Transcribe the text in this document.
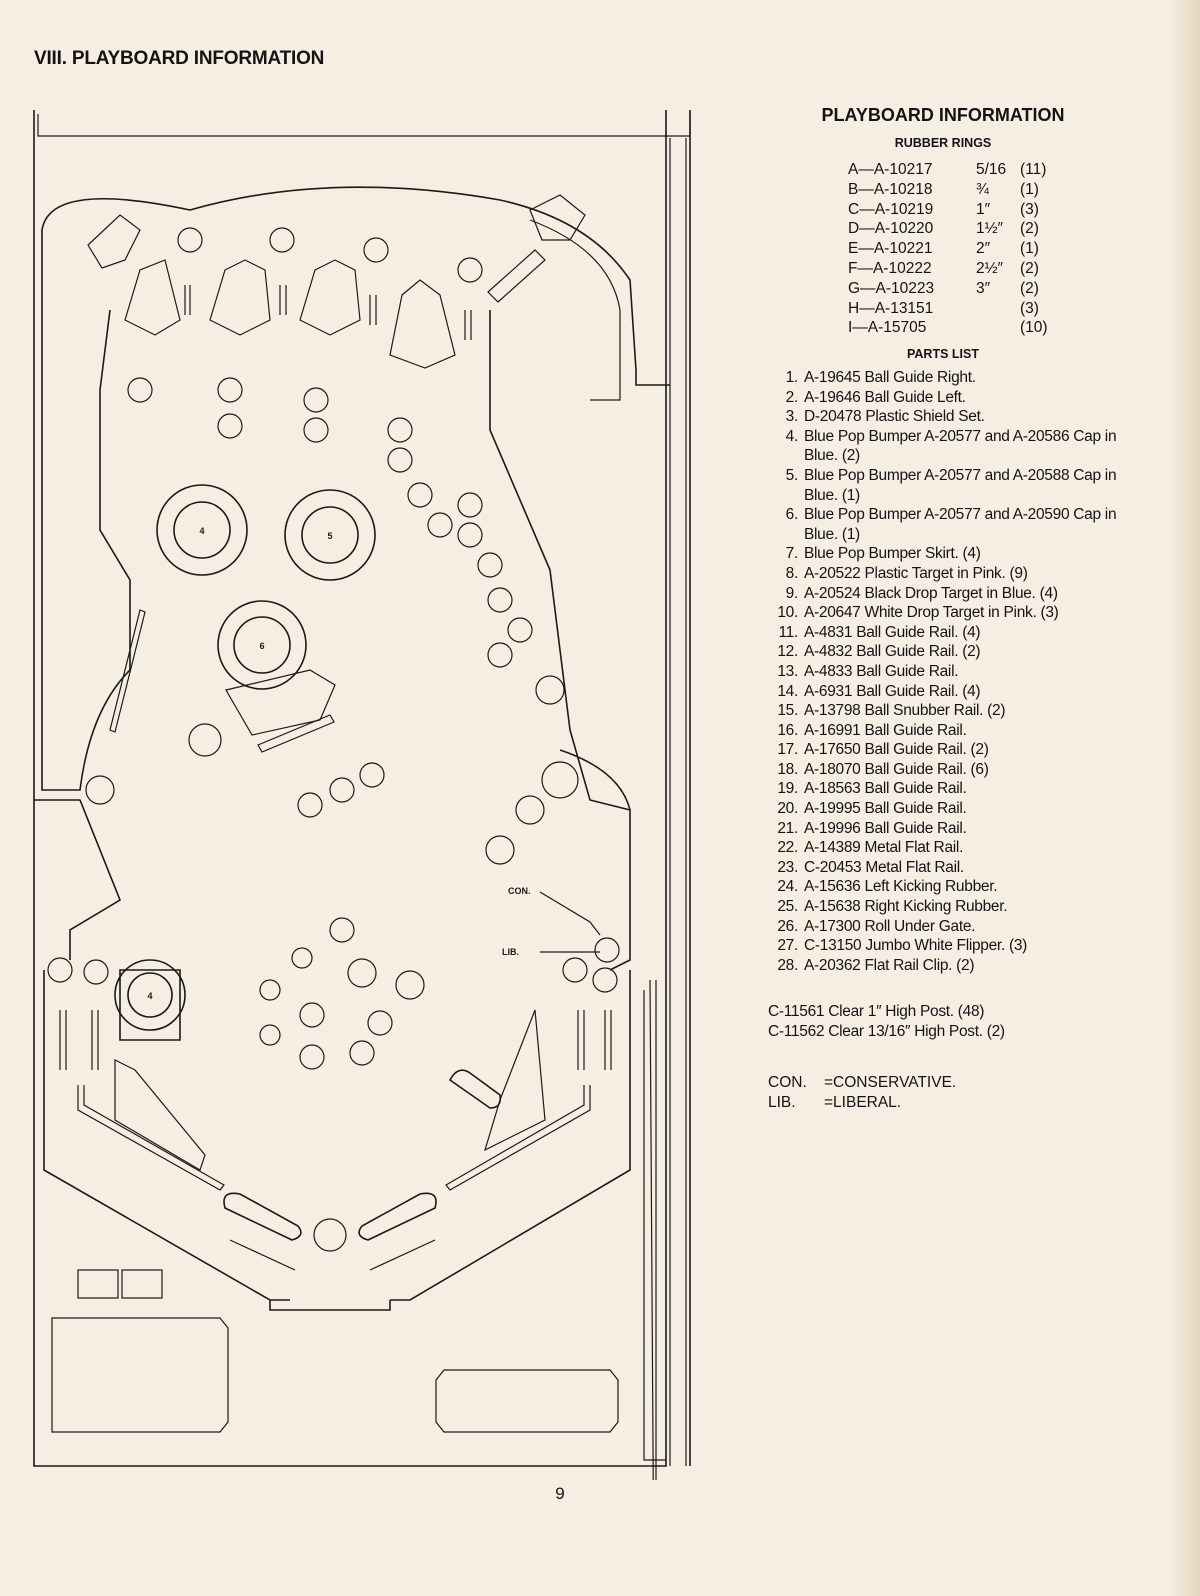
VIII. PLAYBOARD INFORMATION
4	5
6
4
CON.
LIB.
PLAYBOARD INFORMATION
RUBBER RINGS
A—A-10217	5/16 (11)
B—A-10218	¾ (1)
C—A-10219	1″ (3)
D—A-10220	1½″ (2)
E—A-10221	2″ (1)
F—A-10222	2½″ (2)
G—A-10223	3″ (2)
H—A-13151	(3)
I—A-15705	(10)
PARTS LIST
1. A-19645 Ball Guide Right.
2. A-19646 Ball Guide Left.
3. D-20478 Plastic Shield Set.
4. Blue Pop Bumper A-20577 and A-20586 Cap in Blue. (2)
5. Blue Pop Bumper A-20577 and A-20588 Cap in Blue. (1)
6. Blue Pop Bumper A-20577 and A-20590 Cap in Blue. (1)
7. Blue Pop Bumper Skirt. (4)
8. A-20522 Plastic Target in Pink. (9)
9. A-20524 Black Drop Target in Blue. (4)
10. A-20647 White Drop Target in Pink. (3)
11. A-4831 Ball Guide Rail. (4)
12. A-4832 Ball Guide Rail. (2)
13. A-4833 Ball Guide Rail.
14. A-6931 Ball Guide Rail. (4)
15. A-13798 Ball Snubber Rail. (2)
16. A-16991 Ball Guide Rail.
17. A-17650 Ball Guide Rail. (2)
18. A-18070 Ball Guide Rail. (6)
19. A-18563 Ball Guide Rail.
20. A-19995 Ball Guide Rail.
21. A-19996 Ball Guide Rail.
22. A-14389 Metal Flat Rail.
23. C-20453 Metal Flat Rail.
24. A-15636 Left Kicking Rubber.
25. A-15638 Right Kicking Rubber.
26. A-17300 Roll Under Gate.
27. C-13150 Jumbo White Flipper. (3)
28. A-20362 Flat Rail Clip. (2)
C-11561 Clear 1″ High Post. (48)
C-11562 Clear 13/16″ High Post. (2)
CON. =CONSERVATIVE.
LIB. =LIBERAL.
9
